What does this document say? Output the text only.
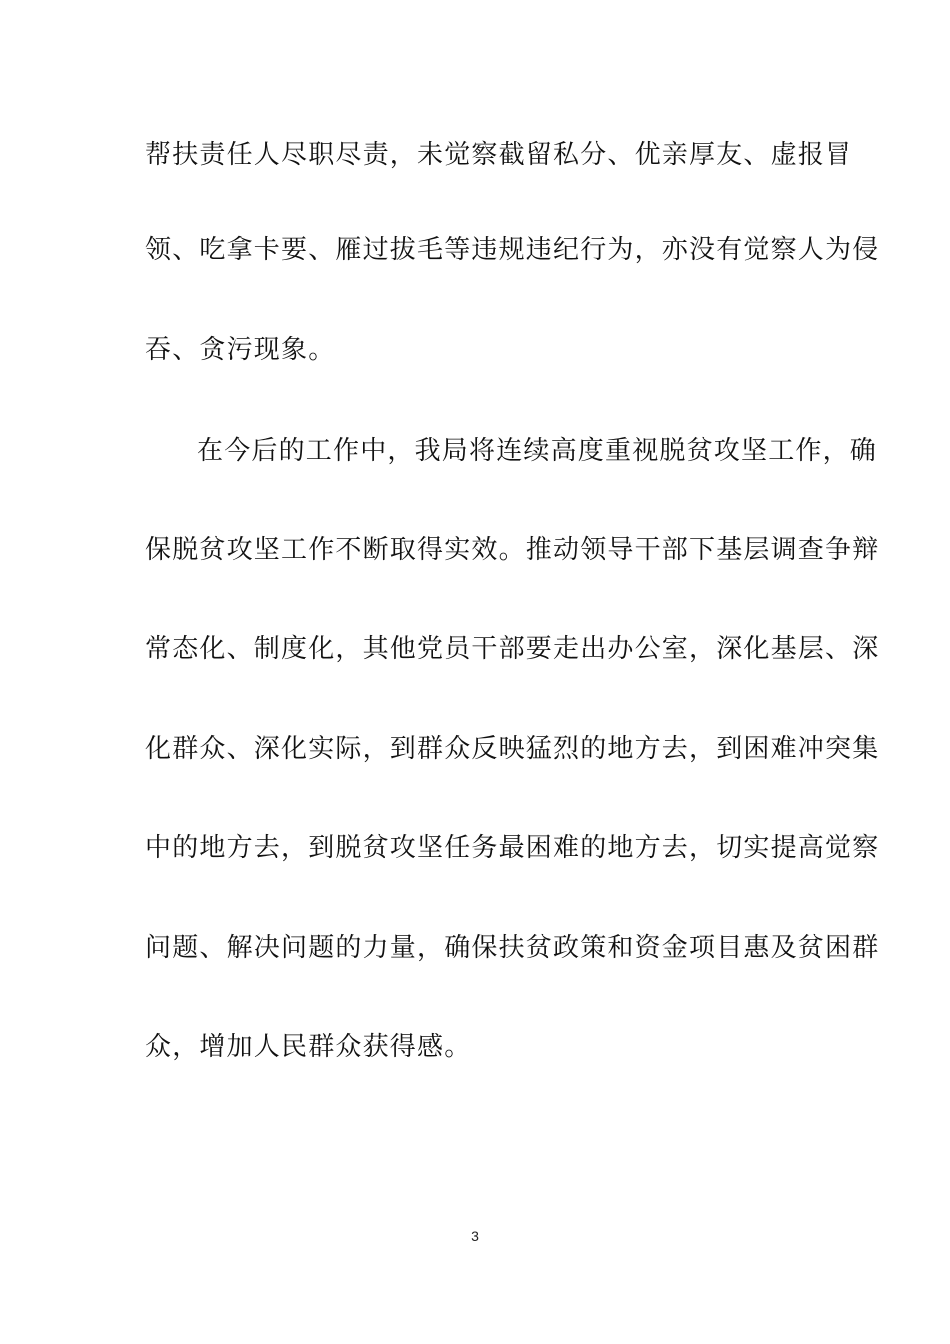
帮扶责任人尽职尽责，未觉察截留私分、优亲厚友、虚报冒
领、吃拿卡要、雁过拔毛等违规违纪行为，亦没有觉察人为侵
吞、贪污现象。
在今后的工作中，我局将连续高度重视脱贫攻坚工作，确
保脱贫攻坚工作不断取得实效。推动领导干部下基层调查争辩
常态化、制度化，其他党员干部要走出办公室，深化基层、深
化群众、深化实际，到群众反映猛烈的地方去，到困难冲突集
中的地方去，到脱贫攻坚任务最困难的地方去，切实提高觉察
问题、解决问题的力量，确保扶贫政策和资金项目惠及贫困群
众，增加人民群众获得感。
3
